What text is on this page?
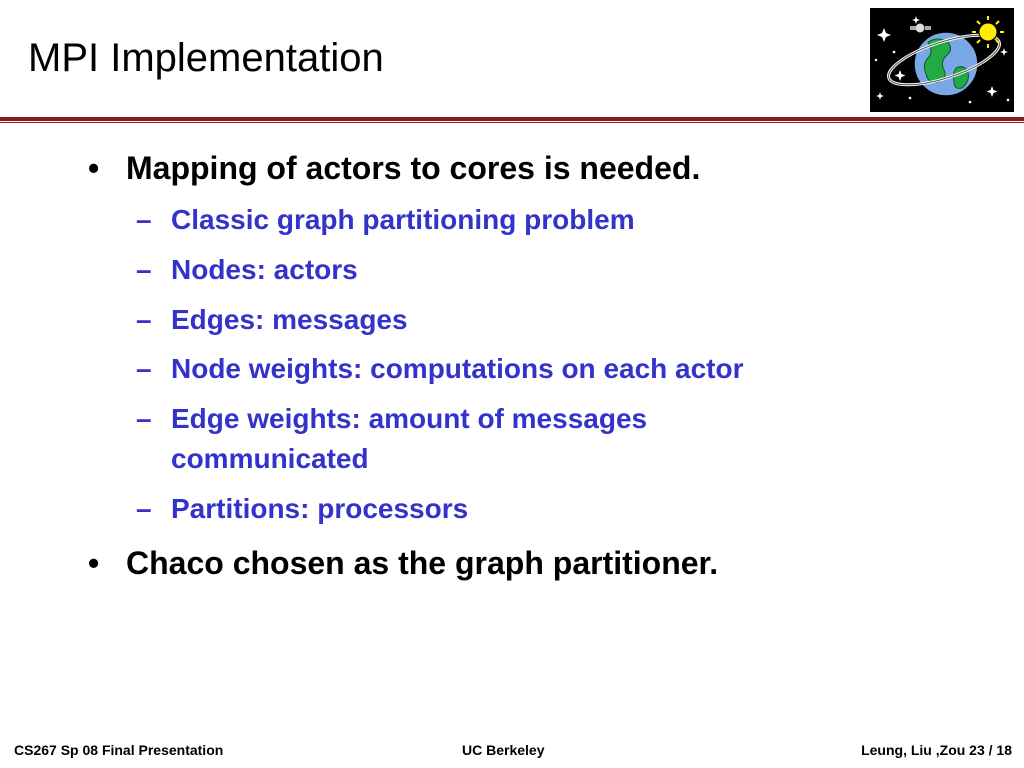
MPI Implementation
• Mapping of actors to cores is needed.
– Classic graph partitioning problem
– Nodes: actors
– Edges: messages
– Node weights: computations on each actor
– Edge weights: amount of messages communicated
– Partitions: processors
• Chaco chosen as the graph partitioner.
CS267 Sp 08 Final Presentation	UC Berkeley	Leung, Liu ,Zou 23 / 18
